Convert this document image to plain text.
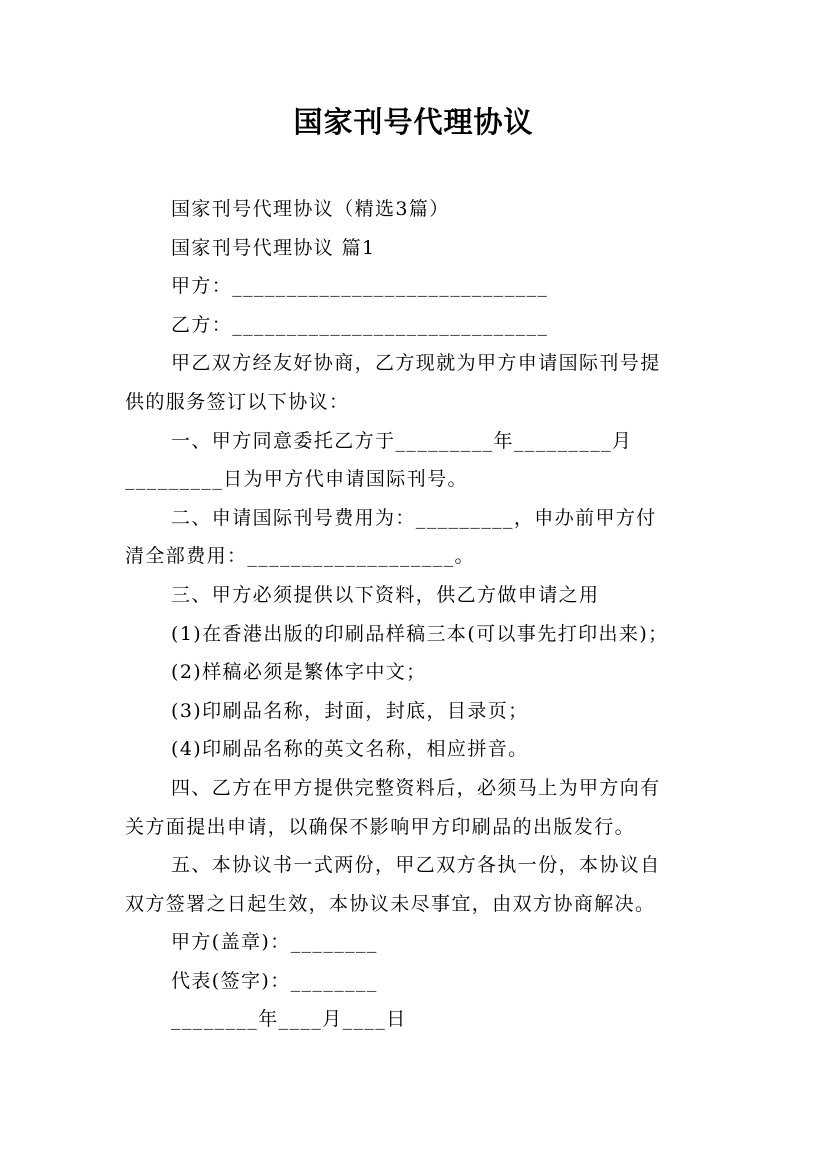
国家刊号代理协议

国家刊号代理协议（精选3篇）

国家刊号代理协议 篇1

甲方：_____________________________

乙方：_____________________________

甲乙双方经友好协商，乙方现就为甲方申请国际刊号提

供的服务签订以下协议：

一、甲方同意委托乙方于_________年_________月

_________日为甲方代申请国际刊号。

二、申请国际刊号费用为：_________，申办前甲方付

清全部费用：___________________。

三、甲方必须提供以下资料，供乙方做申请之用

(1)在香港出版的印刷品样稿三本(可以事先打印出来)；

(2)样稿必须是繁体字中文；

(3)印刷品名称，封面，封底，目录页；

(4)印刷品名称的英文名称，相应拼音。

四、乙方在甲方提供完整资料后，必须马上为甲方向有

关方面提出申请，以确保不影响甲方印刷品的出版发行。

五、本协议书一式两份，甲乙双方各执一份，本协议自

双方签署之日起生效，本协议未尽事宜，由双方协商解决。

甲方(盖章)：________

代表(签字)：________

________年____月____日
